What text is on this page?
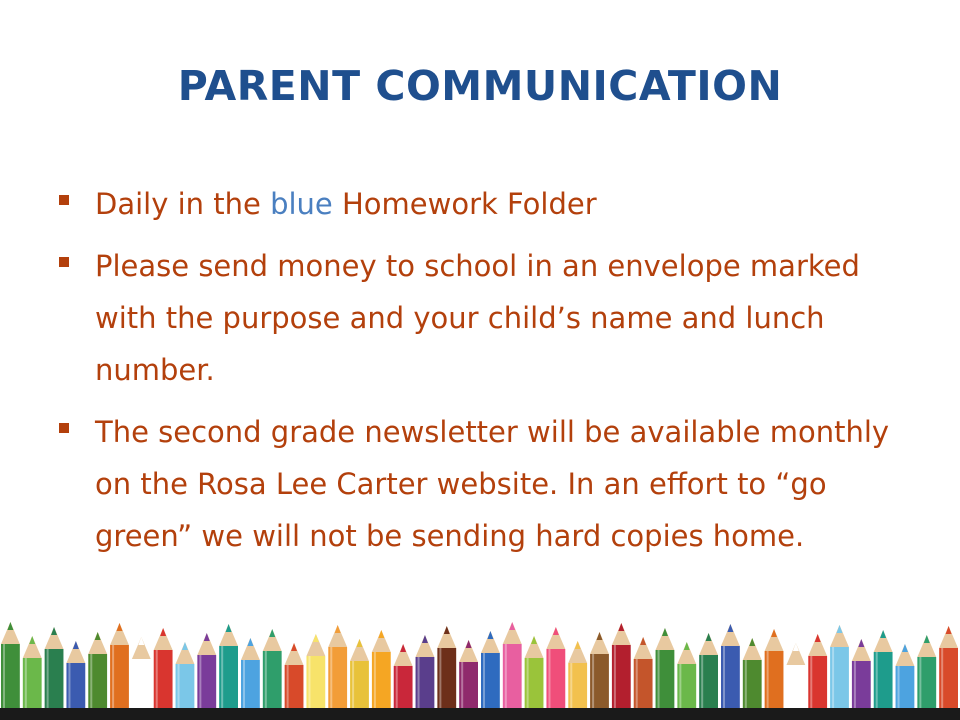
PARENT COMMUNICATION
Daily in the blue Homework Folder
Please send money to school in an envelope marked with the purpose and your child’s name and lunch number.
The second grade newsletter will be available monthly on the Rosa Lee Carter website. In an effort to “go green” we will not be sending hard copies home.
